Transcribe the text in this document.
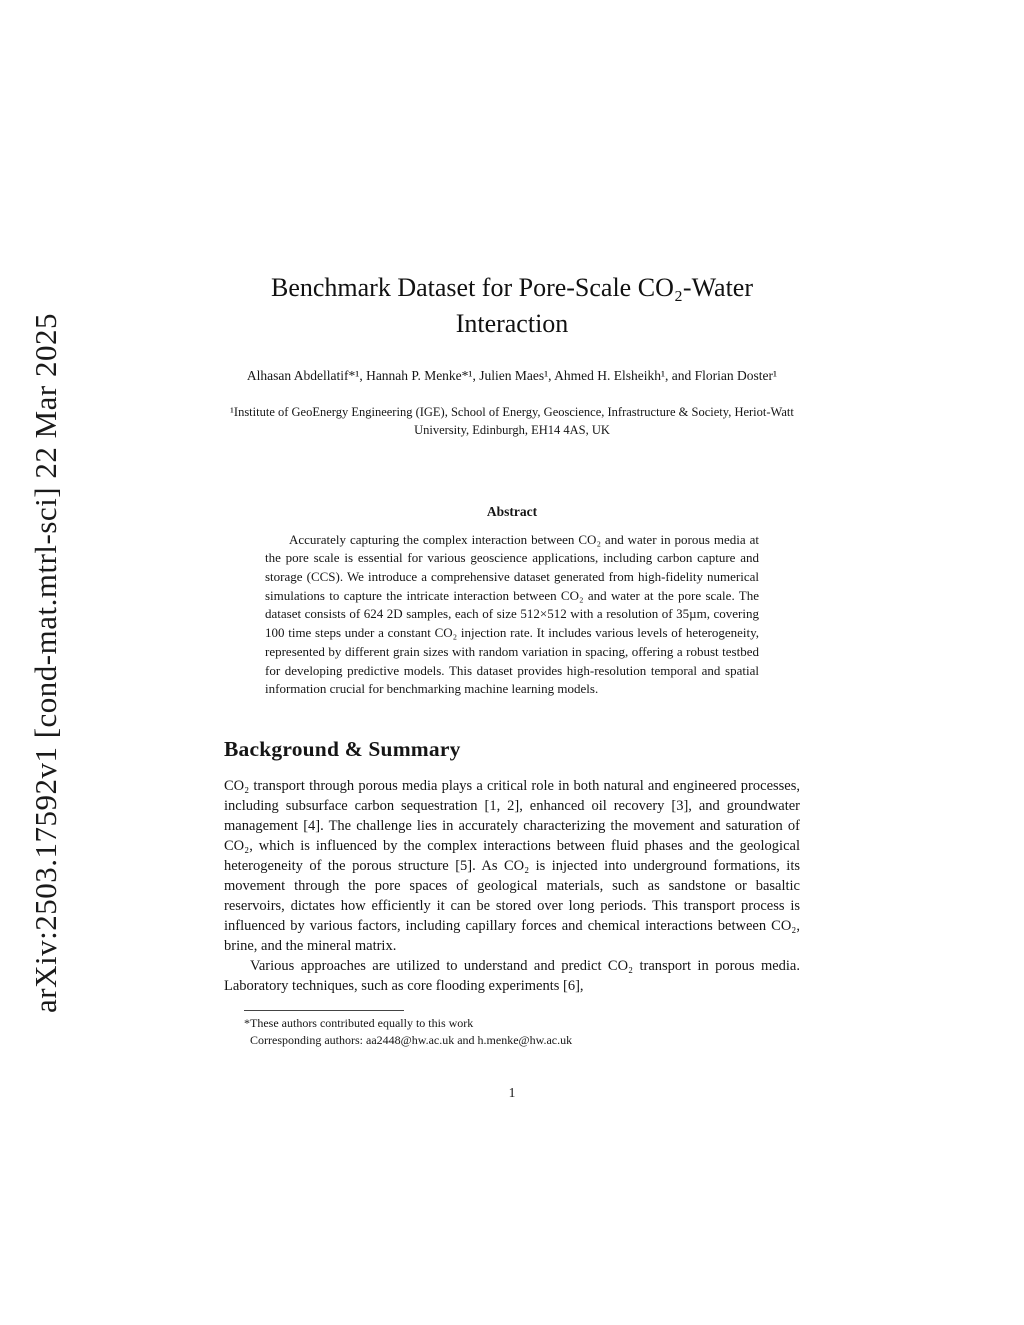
arXiv:2503.17592v1 [cond-mat.mtrl-sci] 22 Mar 2025
Benchmark Dataset for Pore-Scale CO₂-Water Interaction
Alhasan Abdellatif*¹, Hannah P. Menke*¹, Julien Maes¹, Ahmed H. Elsheikh¹, and Florian Doster¹
¹Institute of GeoEnergy Engineering (IGE), School of Energy, Geoscience, Infrastructure & Society, Heriot-Watt University, Edinburgh, EH14 4AS, UK
Abstract

Accurately capturing the complex interaction between CO₂ and water in porous media at the pore scale is essential for various geoscience applications, including carbon capture and storage (CCS). We introduce a comprehensive dataset generated from high-fidelity numerical simulations to capture the intricate interaction between CO₂ and water at the pore scale. The dataset consists of 624 2D samples, each of size 512×512 with a resolution of 35µm, covering 100 time steps under a constant CO₂ injection rate. It includes various levels of heterogeneity, represented by different grain sizes with random variation in spacing, offering a robust testbed for developing predictive models. This dataset provides high-resolution temporal and spatial information crucial for benchmarking machine learning models.

Background & Summary

CO₂ transport through porous media plays a critical role in both natural and engineered processes, including subsurface carbon sequestration [1, 2], enhanced oil recovery [3], and groundwater management [4]. The challenge lies in accurately characterizing the movement and saturation of CO₂, which is influenced by the complex interactions between fluid phases and the geological heterogeneity of the porous structure [5]. As CO₂ is injected into underground formations, its movement through the pore spaces of geological materials, such as sandstone or basaltic reservoirs, dictates how efficiently it can be stored over long periods. This transport process is influenced by various factors, including capillary forces and chemical interactions between CO₂, brine, and the mineral matrix.

Various approaches are utilized to understand and predict CO₂ transport in porous media. Laboratory techniques, such as core flooding experiments [6],

*These authors contributed equally to this work
Corresponding authors: aa2448@hw.ac.uk and h.menke@hw.ac.uk
1
